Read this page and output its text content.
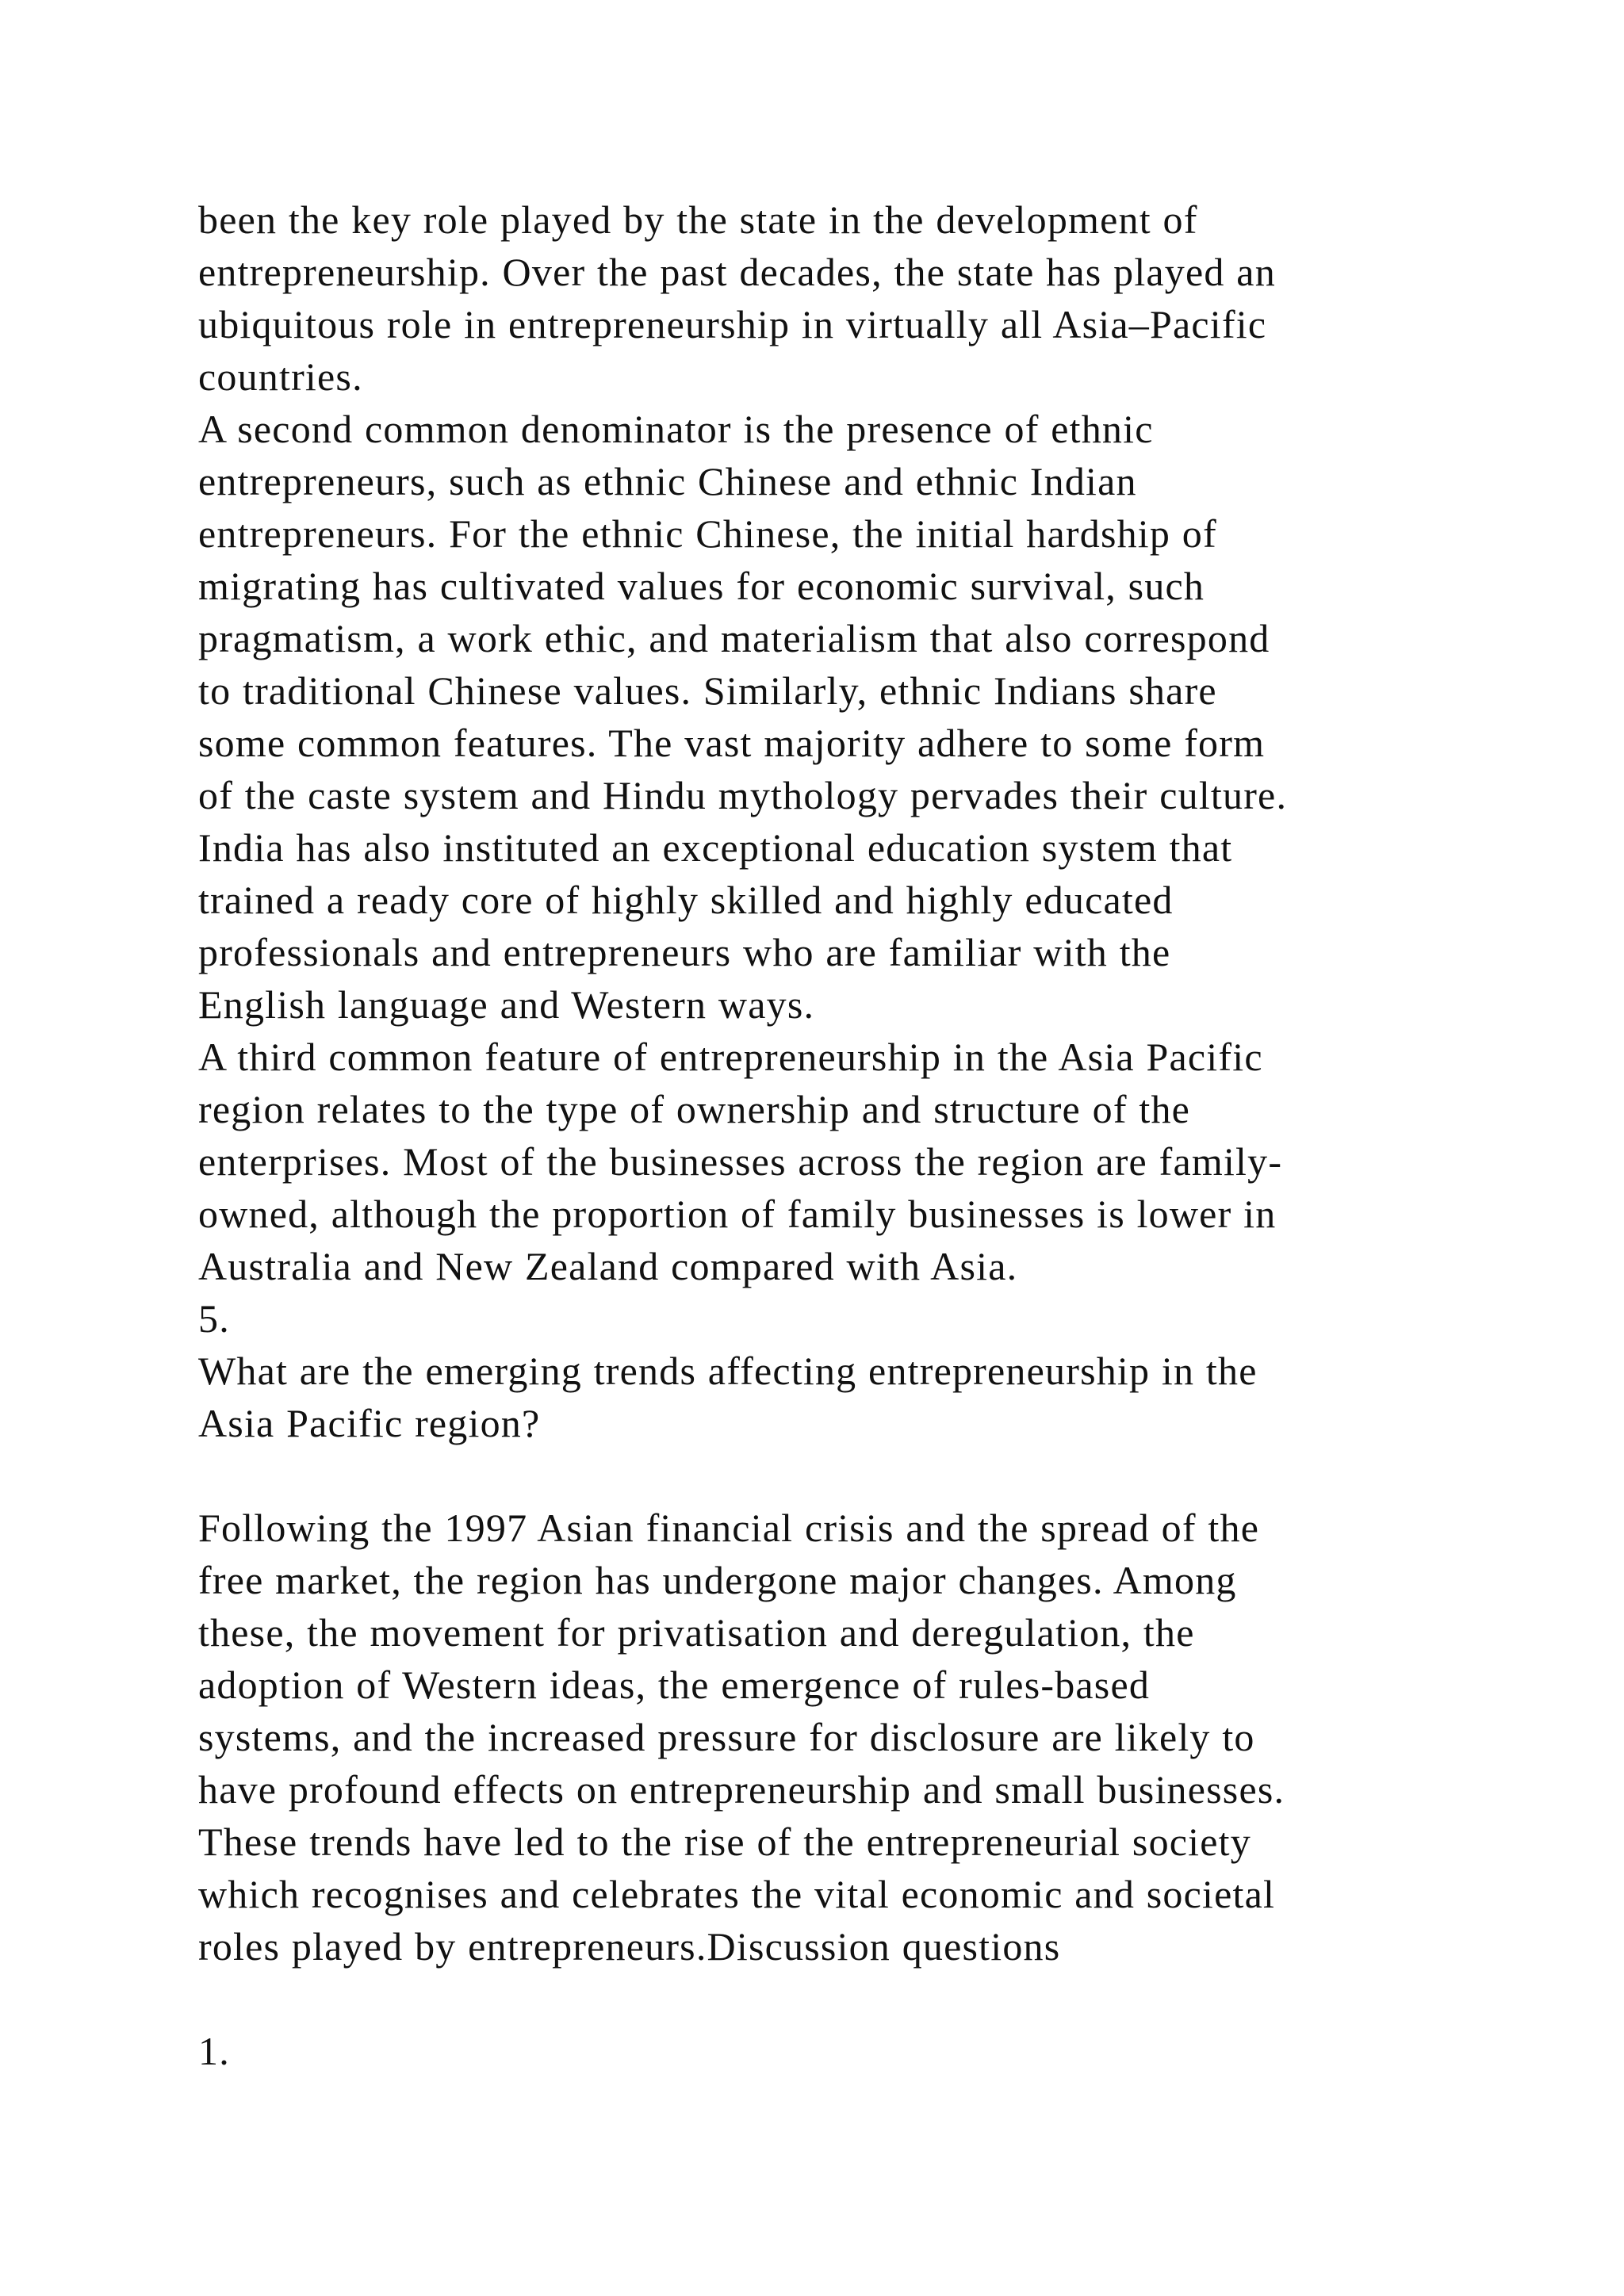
been the key role played by the state in the development of
entrepreneurship. Over the past decades, the state has played an
ubiquitous role in entrepreneurship in virtually all Asia–Pacific
countries.
A second common denominator is the presence of ethnic
entrepreneurs, such as ethnic Chinese and ethnic Indian
entrepreneurs. For the ethnic Chinese, the initial hardship of
migrating has cultivated values for economic survival, such
pragmatism, a work ethic, and materialism that also correspond
to traditional Chinese values. Similarly, ethnic Indians share
some common features. The vast majority adhere to some form
of the caste system and Hindu mythology pervades their culture.
India has also instituted an exceptional education system that
trained a ready core of highly skilled and highly educated
professionals and entrepreneurs who are familiar with the
English language and Western ways.
A third common feature of entrepreneurship in the Asia Pacific
region relates to the type of ownership and structure of the
enterprises. Most of the businesses across the region are family-
owned, although the proportion of family businesses is lower in
Australia and New Zealand compared with Asia.
5.
What are the emerging trends affecting entrepreneurship in the
Asia Pacific region?
Following the 1997 Asian financial crisis and the spread of the
free market, the region has undergone major changes. Among
these, the movement for privatisation and deregulation, the
adoption of Western ideas, the emergence of rules-based
systems, and the increased pressure for disclosure are likely to
have profound effects on entrepreneurship and small businesses.
These trends have led to the rise of the entrepreneurial society
which recognises and celebrates the vital economic and societal
roles played by entrepreneurs.Discussion questions
1.
